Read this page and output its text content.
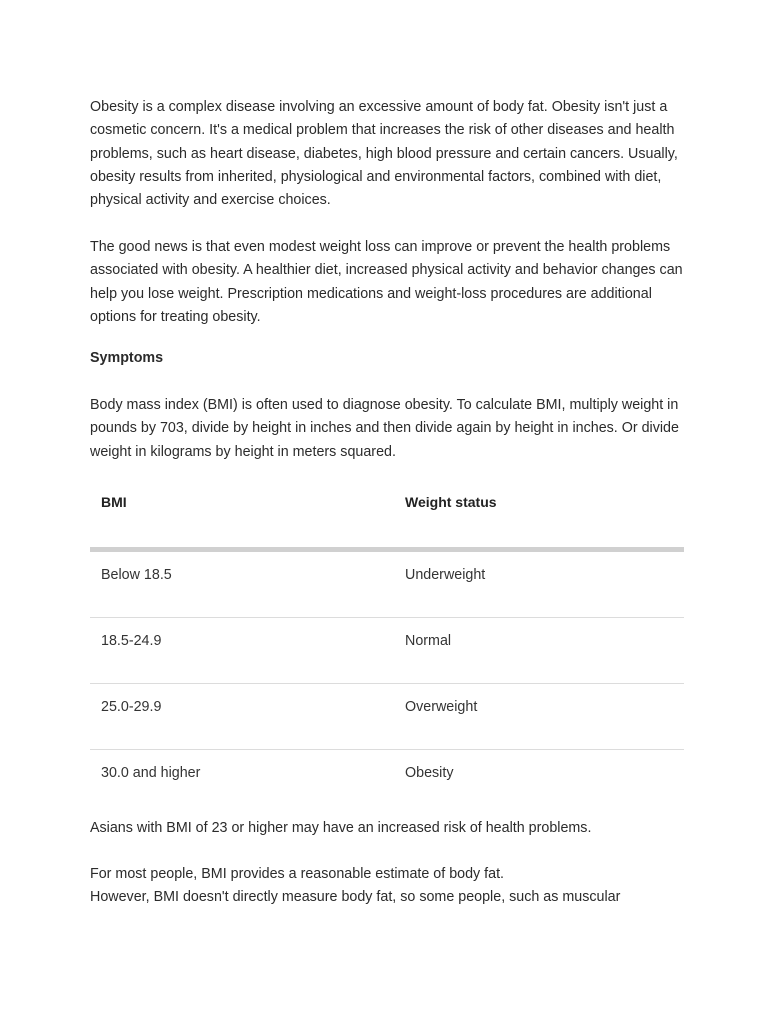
Obesity is a complex disease involving an excessive amount of body fat. Obesity isn't just a cosmetic concern. It's a medical problem that increases the risk of other diseases and health problems, such as heart disease, diabetes, high blood pressure and certain cancers. Usually, obesity results from inherited, physiological and environmental factors, combined with diet, physical activity and exercise choices.

The good news is that even modest weight loss can improve or prevent the health problems associated with obesity. A healthier diet, increased physical activity and behavior changes can help you lose weight. Prescription medications and weight-loss procedures are additional options for treating obesity.

Symptoms

Body mass index (BMI) is often used to diagnose obesity. To calculate BMI, multiply weight in pounds by 703, divide by height in inches and then divide again by height in inches. Or divide weight in kilograms by height in meters squared.

BMI	Weight status
Below 18.5	Underweight
18.5-24.9	Normal
25.0-29.9	Overweight
30.0 and higher	Obesity

Asians with BMI of 23 or higher may have an increased risk of health problems.

For most people, BMI provides a reasonable estimate of body fat.

However, BMI doesn't directly measure body fat, so some people, such as muscular
